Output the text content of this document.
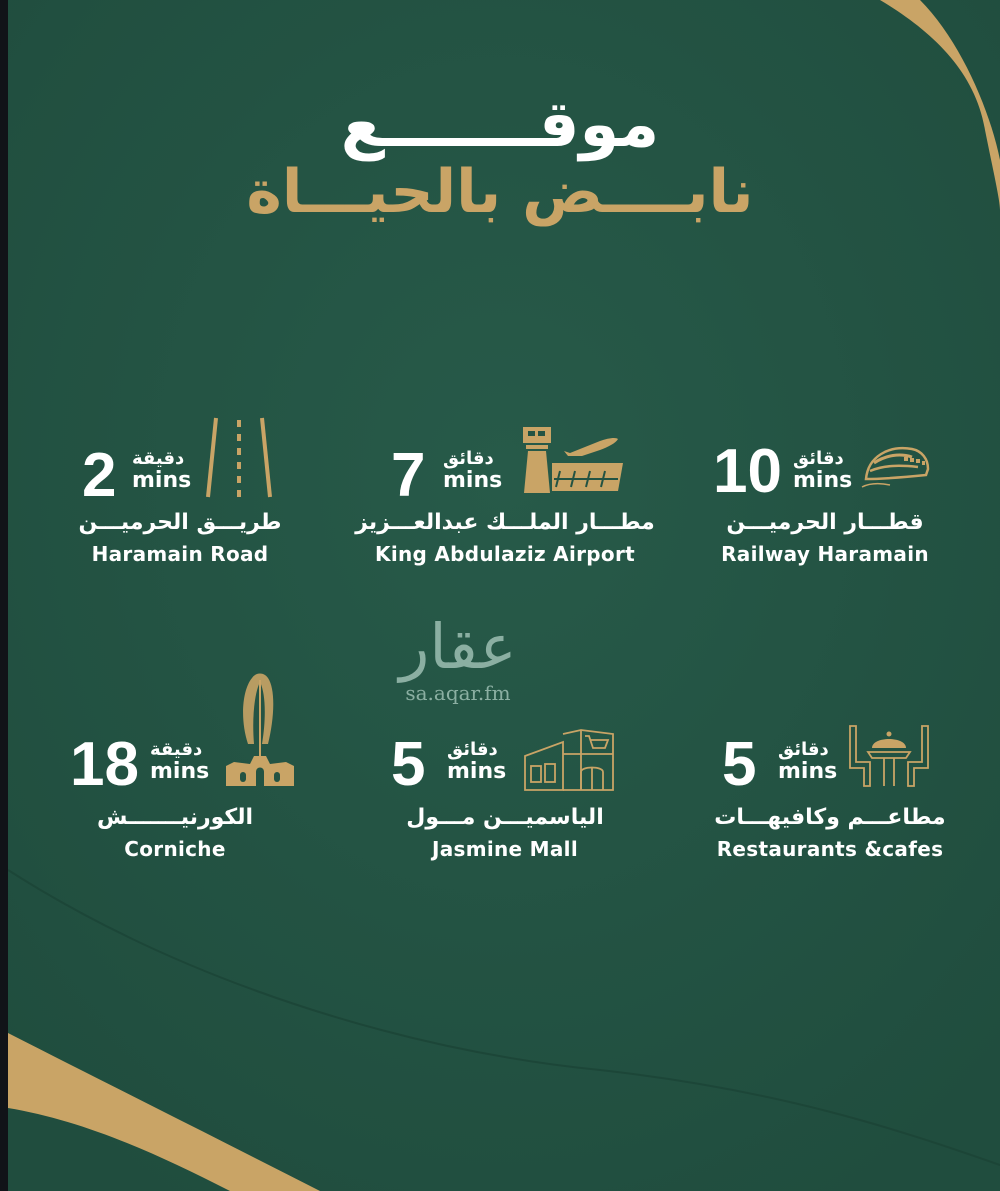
موقـــــــع
نابــــض بالحيـــاة
2 دقيقة
mins
طريـــق الحرميـــن
Haramain Road
7 دقائق
mins
مطـــار الملـــك عبدالعـــزيز
King Abdulaziz Airport
10 دقائق
mins
قطـــار الحرميـــن
Railway Haramain
18 دقيقة
mins
الكورنيـــــــش
Corniche
5 دقائق
mins
الياسميـــن مـــول
Jasmine Mall
5 دقائق
mins
مطاعـــم وكافيهـــات
Restaurants &cafes
عقار
sa.aqar.fm
